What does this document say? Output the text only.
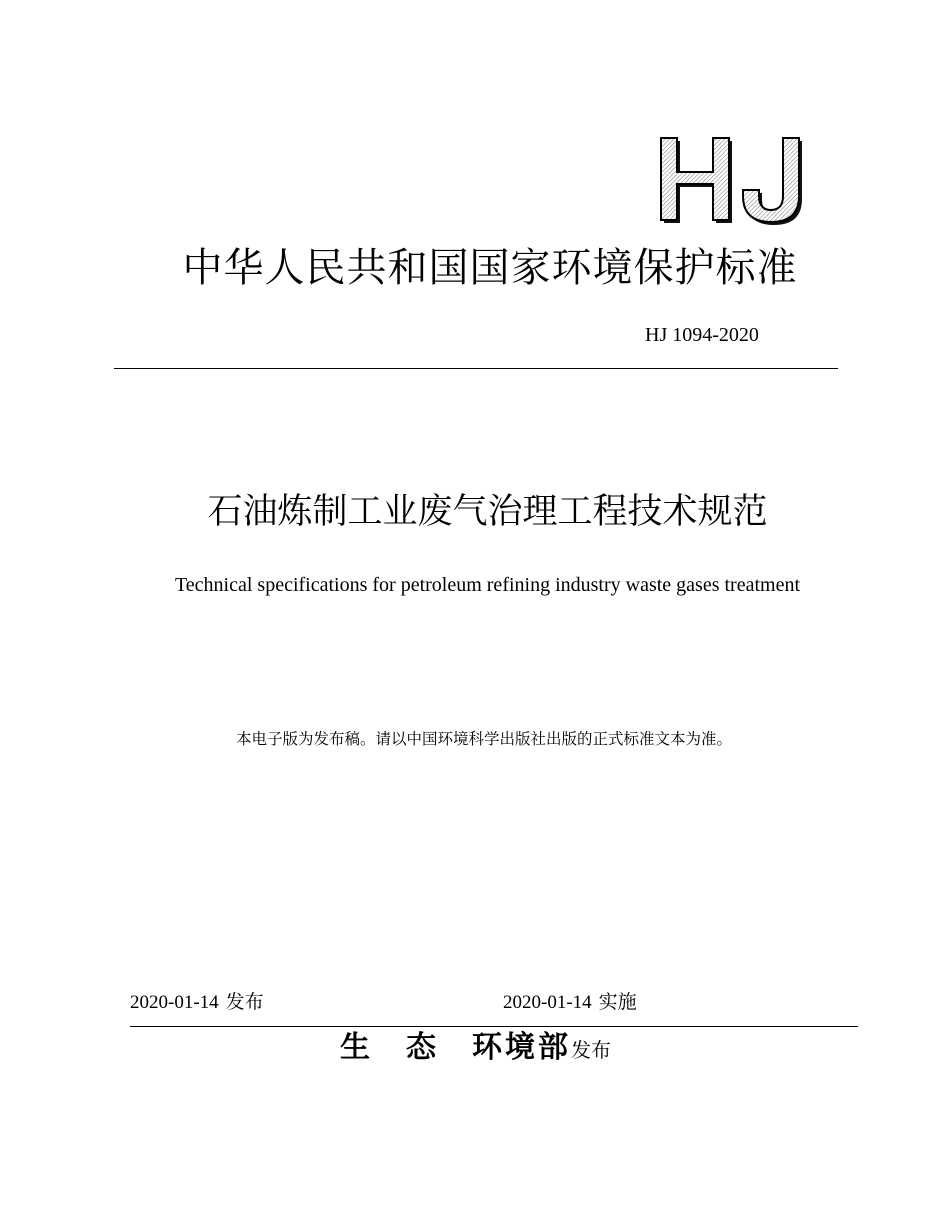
中华人民共和国国家环境保护标准
HJ 1094-2020
石油炼制工业废气治理工程技术规范
Technical specifications for petroleum refining industry waste gases treatment
本电子版为发布稿。请以中国环境科学出版社出版的正式标准文本为准。
2020-01-14 发布	2020-01-14 实施
生　态　环境部发布
